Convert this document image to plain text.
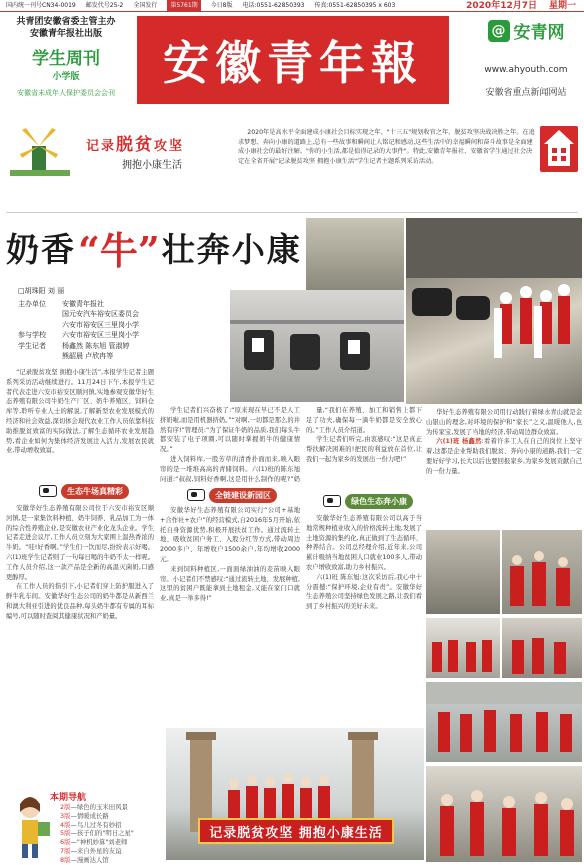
国内统一刊号CN34-0019 邮发代号25-2 全国发行	第5761期	今日8版 电话:0551-62850393 传真:0551-62850395 x 603	2020年12月7日 星期一
共青团安徽省委主管主办
安徽青年报社出版
学生周刊
小学版
安徽省未成年人保护委员会会刊
安徽青年報
@ 安青网
www.ahyouth.com
安徽省重点新闻网站
记录脱贫攻坚
拥抱小康生活
2020年是高水平全面建成小康社会目标实现之年、"十三五"规划收官之年、脱贫攻坚决战决胜之年。在追求梦想、奔向小康的道路上,总有一些故事和瞬间让人铭记和感动,这些生活中的幸福瞬间和奋斗故事是全面建成小康社会的最好注解。"你的小生活,都是值得记录的大事件"。特此,安徽青年报社、安徽省学生通过社会决定在全省开展"记录脱贫攻坚 拥抱小康生活"学生记者主题系列采访活动。
奶香 “牛” 壮奔小康
□胡珠阳 刘 丽
主办单位	安徽青年报社
国元安汽车裕安区委员会
六安市裕安区三里岗小学
参与学校	六安市裕安区三里岗小学
学生记者	杨鑫然 陈东旭 管淑婷
熊韶晨 卢欣冉等

“记录脱贫攻坚 拥抱小康生活”,本报学生记者主题系列采访活动继续进行。11月24日下午,本报学生记者代表走进六安市裕安区顺河镇,实地参观安徽华好生态养殖有限公司牛奶生产厂区、奶牛养殖区、饲料仓库等,聆听专业人士的解说,了解新型农业发展模式的经济和社会效益,深切体会现代农业工作人员依靠科技助推脱贫致富的实际做法,了解生态循环农业发展趋势,看企业如何为集体经济发展注入活力,发展农民就业,带动增收致富。

生态牛场真精彩

安徽华好生态养殖有限公司位于六安市裕安区顺河镇,是一家集饮料种植、奶牛饲养、乳品加工为一体的综合性养殖企业,是安徽农业产业化龙头企业。学生记者走进会议厅,工作人员立刻为大家围上温热香浓的牛奶。“哇!好香啊。”学生们一饮而尽,纷纷表示好喝。六(1)班学生记者则了一句每日喝的牛奶不太一样呢。工作人员介绍,这一款产品是全新的高温灭菌奶,口感更醇厚。

在工作人员的指引下,小记者们穿上防护服进入了鲜牛乳车间。安徽华好生态公司的奶牛都是从新西兰和澳大利亚引进的优良品种,每头奶牛都有专属的耳标编号,可以随时查阅其健康状况和产奶量。

学生记者们兴奋极了:“原来现在早已不是人工挤奶啦,而是用机器挤奶。”“对啊,一切都是那么的井然有序!”管理员:“为了保证牛奶的品质,我们每头牛都安装了电子项圈,可以随时掌握奶牛的健康情况。”

进入饲料库,一股芳草的清香扑面而来,映入眼帘的是一堆堆高高的青储饲料。六(1)班的陈东旭问道:“叔叔,饲料好香啊,这是用什么制作的呢?”奶

全链建设新园区

安徽华好生态养殖有限公司实行“公司+基地+合作社+农户”的经营模式,自2016年5月开始,依托自身资源优势,积极开展扶贫工作。通过流转土地、吸收贫困户务工、入股分红等方式,带动周边2000多户、年增收户1500余户,年均增收2000元。

来到饲料种植区,一面面绿油油的麦苗映入眼帘。小记者们不禁感叹:“通过流转土地、发展种植,这里的贫困户既能拿到土地租金,又能在家门口就业,真是一举多得!”

绿色生态奔小康

量,“我们在养殖、加工和销售上都下足了功夫,确保每一滴牛奶都是安全放心的。”工作人员介绍道。

学生记者们听完,由衷感叹:“这是真正帮扶解决困难的!把民的利益放在首位,让我们一起为家乡的发展出一份力吧!”

安徽华好生态养殖有限公司以高于当地常规种植业收入的价格流转土地,发展了土地资源的集约化,真正做到了生态循环、种养结合。公司总经理介绍,近年来,公司累计吸纳当地贫困人口就业100多人,带动农户增收致富,助力乡村振兴。

六(1)班 陈东旭:这次采访后,我心中十分震撼:“保护环境,企业有责”。安徽华好生态养殖公司坚持绿色发展之路,让我们看到了乡村振兴的美好未来。

华好生态养殖有限公司用行动践行着绿水青山就是金山银山的理念,对环境的保护和“家长”之义,温暖他人,也为传家宝,发展了当地的经济,带动周边群众致富。

六(1)班 杨鑫然:看着许多工人在自己的岗位上坚守着,这都是企业帮助我们脱贫、奔向小康的道路,我们一定要好好学习,长大以后也要回报家乡,为家乡发展贡献自己的一份力量。

记录脱贫攻坚 拥抱小康生活
本期导航
2版—绿色的玉米田风景
3版—情暖成长路
4版—鸟儿过冬有妙招
5版—孩子们的"明日之星"
6版—"神机妙算"刘老师
7版—来自外星的友谊
8版—漫画达人馆
